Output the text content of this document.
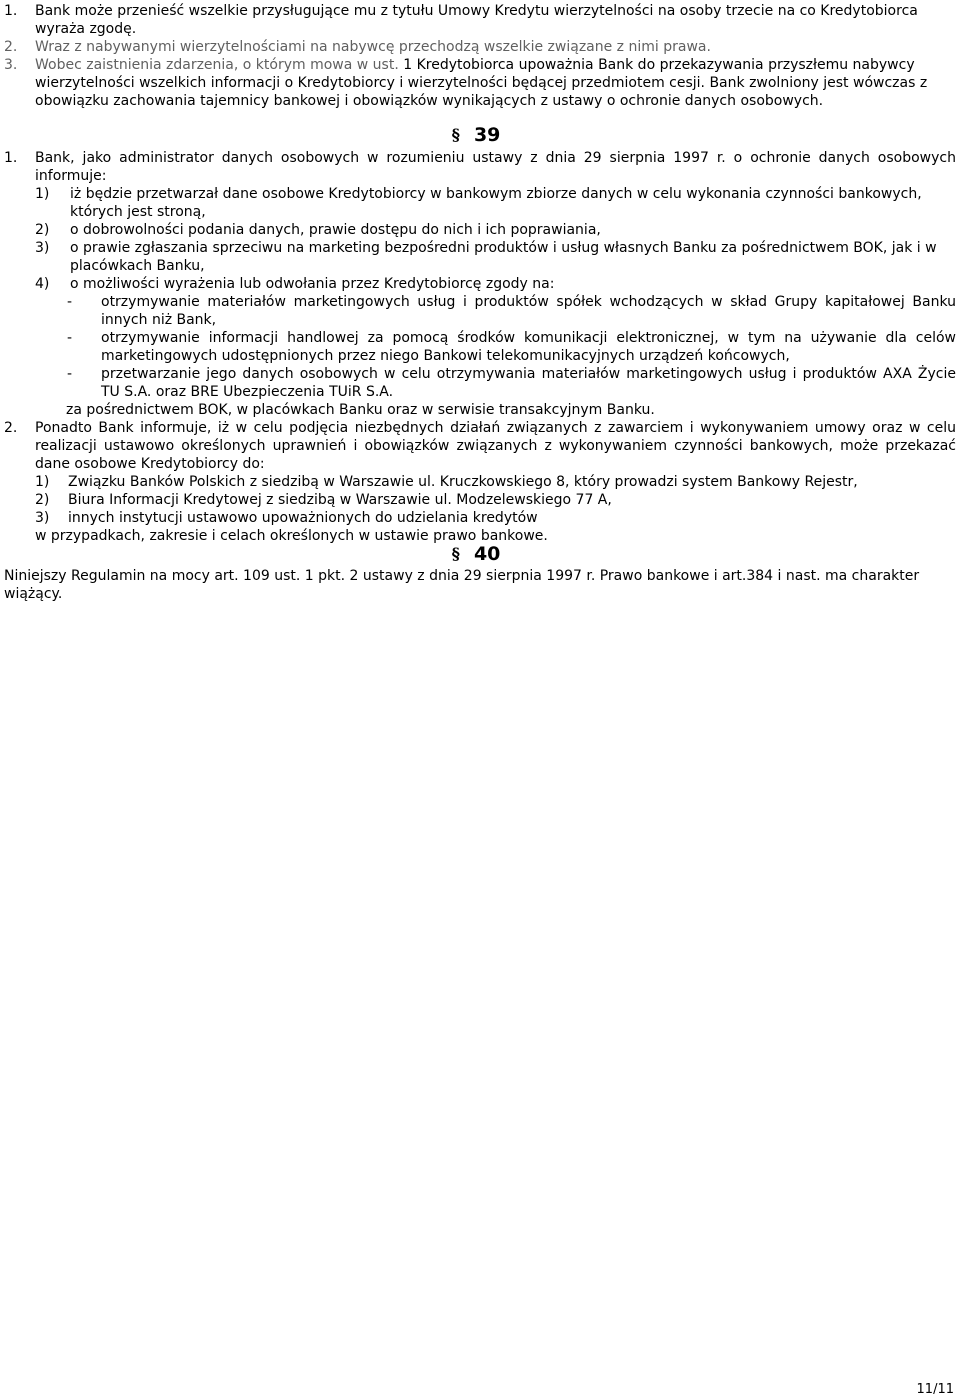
1. Bank może przenieść wszelkie przysługujące mu z tytułu Umowy Kredytu wierzytelności na osoby trzecie na co Kredytobiorca wyraża zgodę.
2. Wraz z nabywanymi wierzytelnościami na nabywcę przechodzą wszelkie związane z nimi prawa.
3. Wobec zaistnienia zdarzenia, o którym mowa w ust. 1 Kredytobiorca upoważnia Bank do przekazywania przyszłemu nabywcy wierzytelności wszelkich informacji o Kredytobiorcy i wierzytelności będącej przedmiotem cesji. Bank zwolniony jest wówczas z obowiązku zachowania tajemnicy bankowej i obowiązków wynikających z ustawy o ochronie danych osobowych.
§ 39
1. Bank, jako administrator danych osobowych w rozumieniu ustawy z dnia 29 sierpnia 1997 r. o ochronie danych osobowych informuje:
1) iż będzie przetwarzał dane osobowe Kredytobiorcy w bankowym zbiorze danych w celu wykonania czynności bankowych, których jest stroną,
2) o dobrowolności podania danych, prawie dostępu do nich i ich poprawiania,
3) o prawie zgłaszania sprzeciwu na marketing bezpośredni produktów i usług własnych Banku za pośrednictwem BOK, jak i w placówkach Banku,
4) o możliwości wyrażenia lub odwołania przez Kredytobiorcę zgody na:
- otrzymywanie materiałów marketingowych usług i produktów spółek wchodzących w skład Grupy kapitałowej Banku innych niż Bank,
- otrzymywanie informacji handlowej za pomocą środków komunikacji elektronicznej, w tym na używanie dla celów marketingowych udostępnionych przez niego Bankowi telekomunikacyjnych urządzeń końcowych,
- przetwarzanie jego danych osobowych w celu otrzymywania materiałów marketingowych usług i produktów AXA Życie TU S.A. oraz BRE Ubezpieczenia TUiR S.A.
za pośrednictwem BOK, w placówkach Banku oraz w serwisie transakcyjnym Banku.
2. Ponadto Bank informuje, iż w celu podjęcia niezbędnych działań związanych z zawarciem i wykonywaniem umowy oraz w celu realizacji ustawowo określonych uprawnień i obowiązków związanych z wykonywaniem czynności bankowych, może przekazać dane osobowe Kredytobiorcy do:
1) Związku Banków Polskich z siedzibą w Warszawie ul. Kruczkowskiego 8, który prowadzi system Bankowy Rejestr,
2) Biura Informacji Kredytowej z siedzibą w Warszawie ul. Modzelewskiego 77 A,
3) innych instytucji ustawowo upoważnionych do udzielania kredytów
w przypadkach, zakresie i celach określonych w ustawie prawo bankowe.
§ 40
Niniejszy Regulamin na mocy art. 109 ust. 1 pkt. 2 ustawy z dnia 29 sierpnia 1997 r. Prawo bankowe i art.384 i nast. ma charakter wiążący.
11/11
